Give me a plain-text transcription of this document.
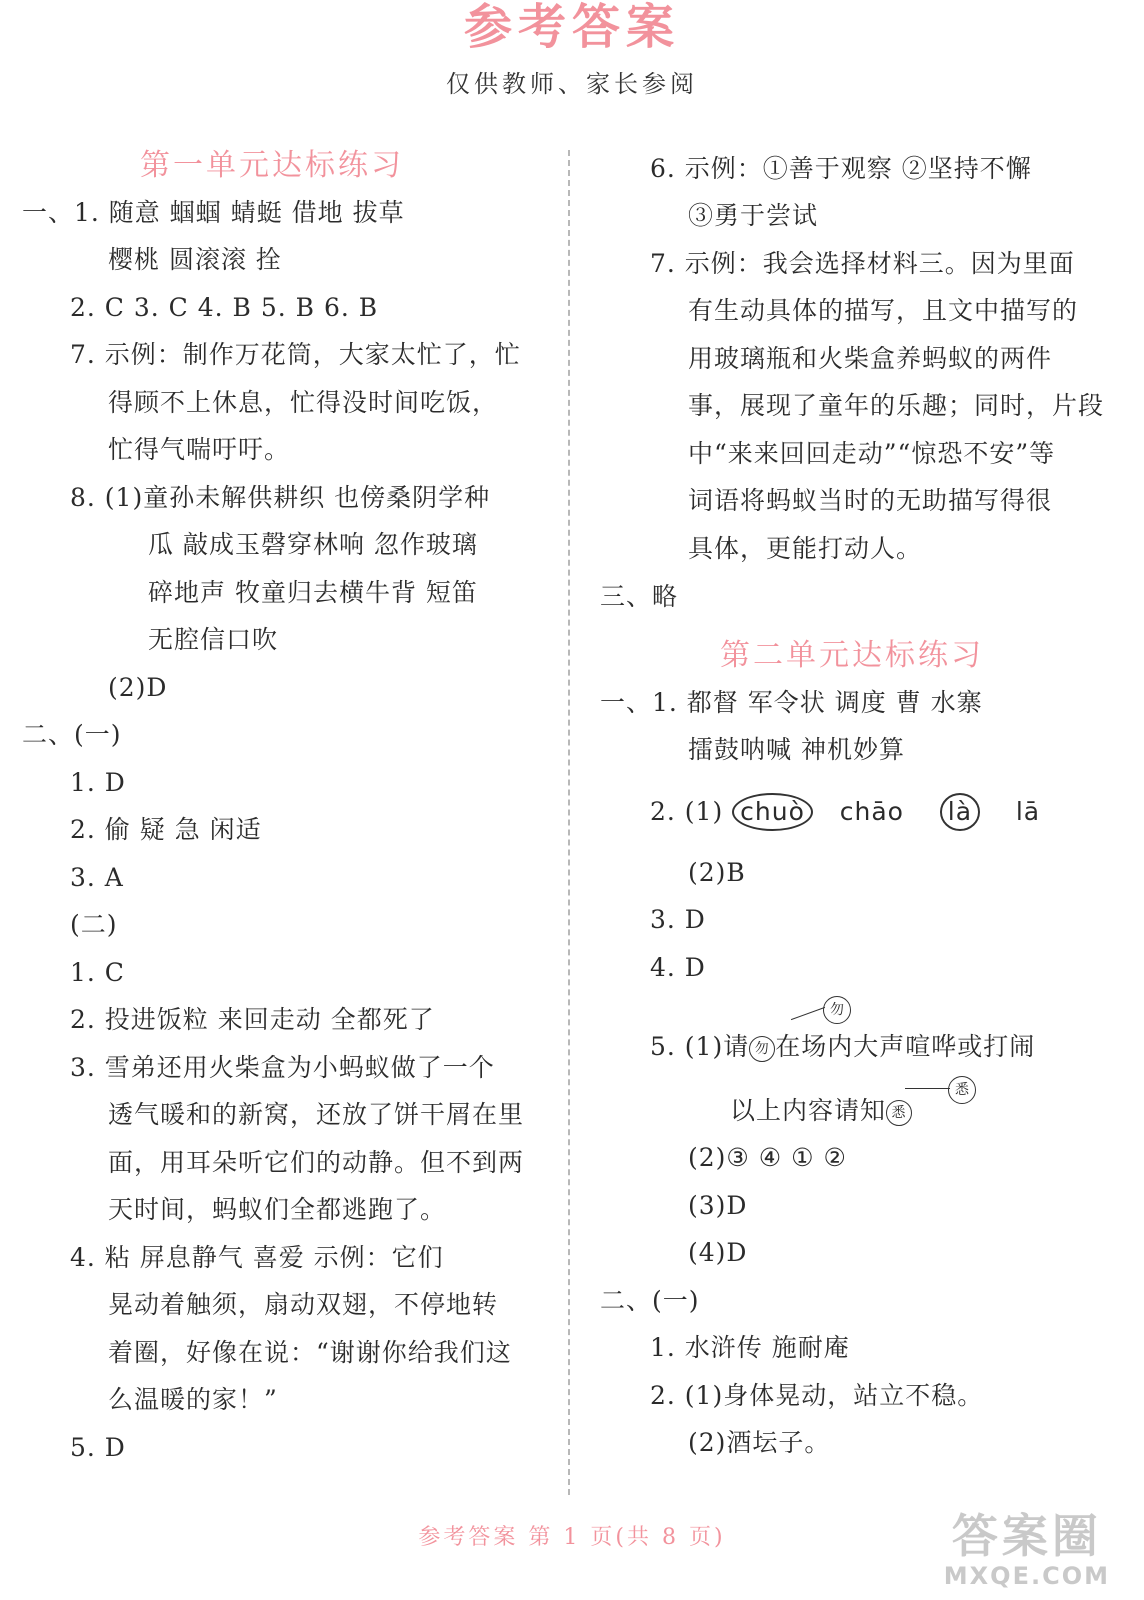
参考答案
仅供教师、家长参阅
第一单元达标练习
一、1. 随意 蝈蝈 蜻蜓 借地 拔草
樱桃 圆滚滚 拴
2. C 3. C 4. B 5. B 6. B
7. 示例：制作万花筒，大家太忙了，忙
得顾不上休息，忙得没时间吃饭，
忙得气喘吁吁。
8. (1)童孙未解供耕织 也傍桑阴学种
瓜 敲成玉磬穿林响 忽作玻璃
碎地声 牧童归去横牛背 短笛
无腔信口吹
(2)D
二、(一)
1. D
2. 偷 疑 急 闲适
3. A
(二)
1. C
2. 投进饭粒 来回走动 全都死了
3. 雪弟还用火柴盒为小蚂蚁做了一个
透气暖和的新窝，还放了饼干屑在里
面，用耳朵听它们的动静。但不到两
天时间，蚂蚁们全都逃跑了。
4. 粘 屏息静气 喜爱 示例：它们
晃动着触须，扇动双翅，不停地转
着圈，好像在说：“谢谢你给我们这
么温暖的家！”
5. D
6. 示例：①善于观察 ②坚持不懈
③勇于尝试
7. 示例：我会选择材料三。因为里面
有生动具体的描写，且文中描写的
用玻璃瓶和火柴盒养蚂蚁的两件
事，展现了童年的乐趣；同时，片段
中“来来回回走动”“惊恐不安”等
词语将蚂蚁当时的无助描写得很
具体，更能打动人。
三、略
第二单元达标练习
一、1. 都督 军令状 调度 曹 水寨
擂鼓呐喊 神机妙算
2. (1) chuò chāo là lā
(2)B
3. D
4. D
勿
5. (1)请 勿 在场内大声喧哗或打闹
悉
以上内容请知 悉
(2)③ ④ ① ②
(3)D
(4)D
二、(一)
1. 水浒传 施耐庵
2. (1)身体晃动，站立不稳。
(2)酒坛子。
参考答案 第 1 页(共 8 页)	答案圈
MXQE.COM
